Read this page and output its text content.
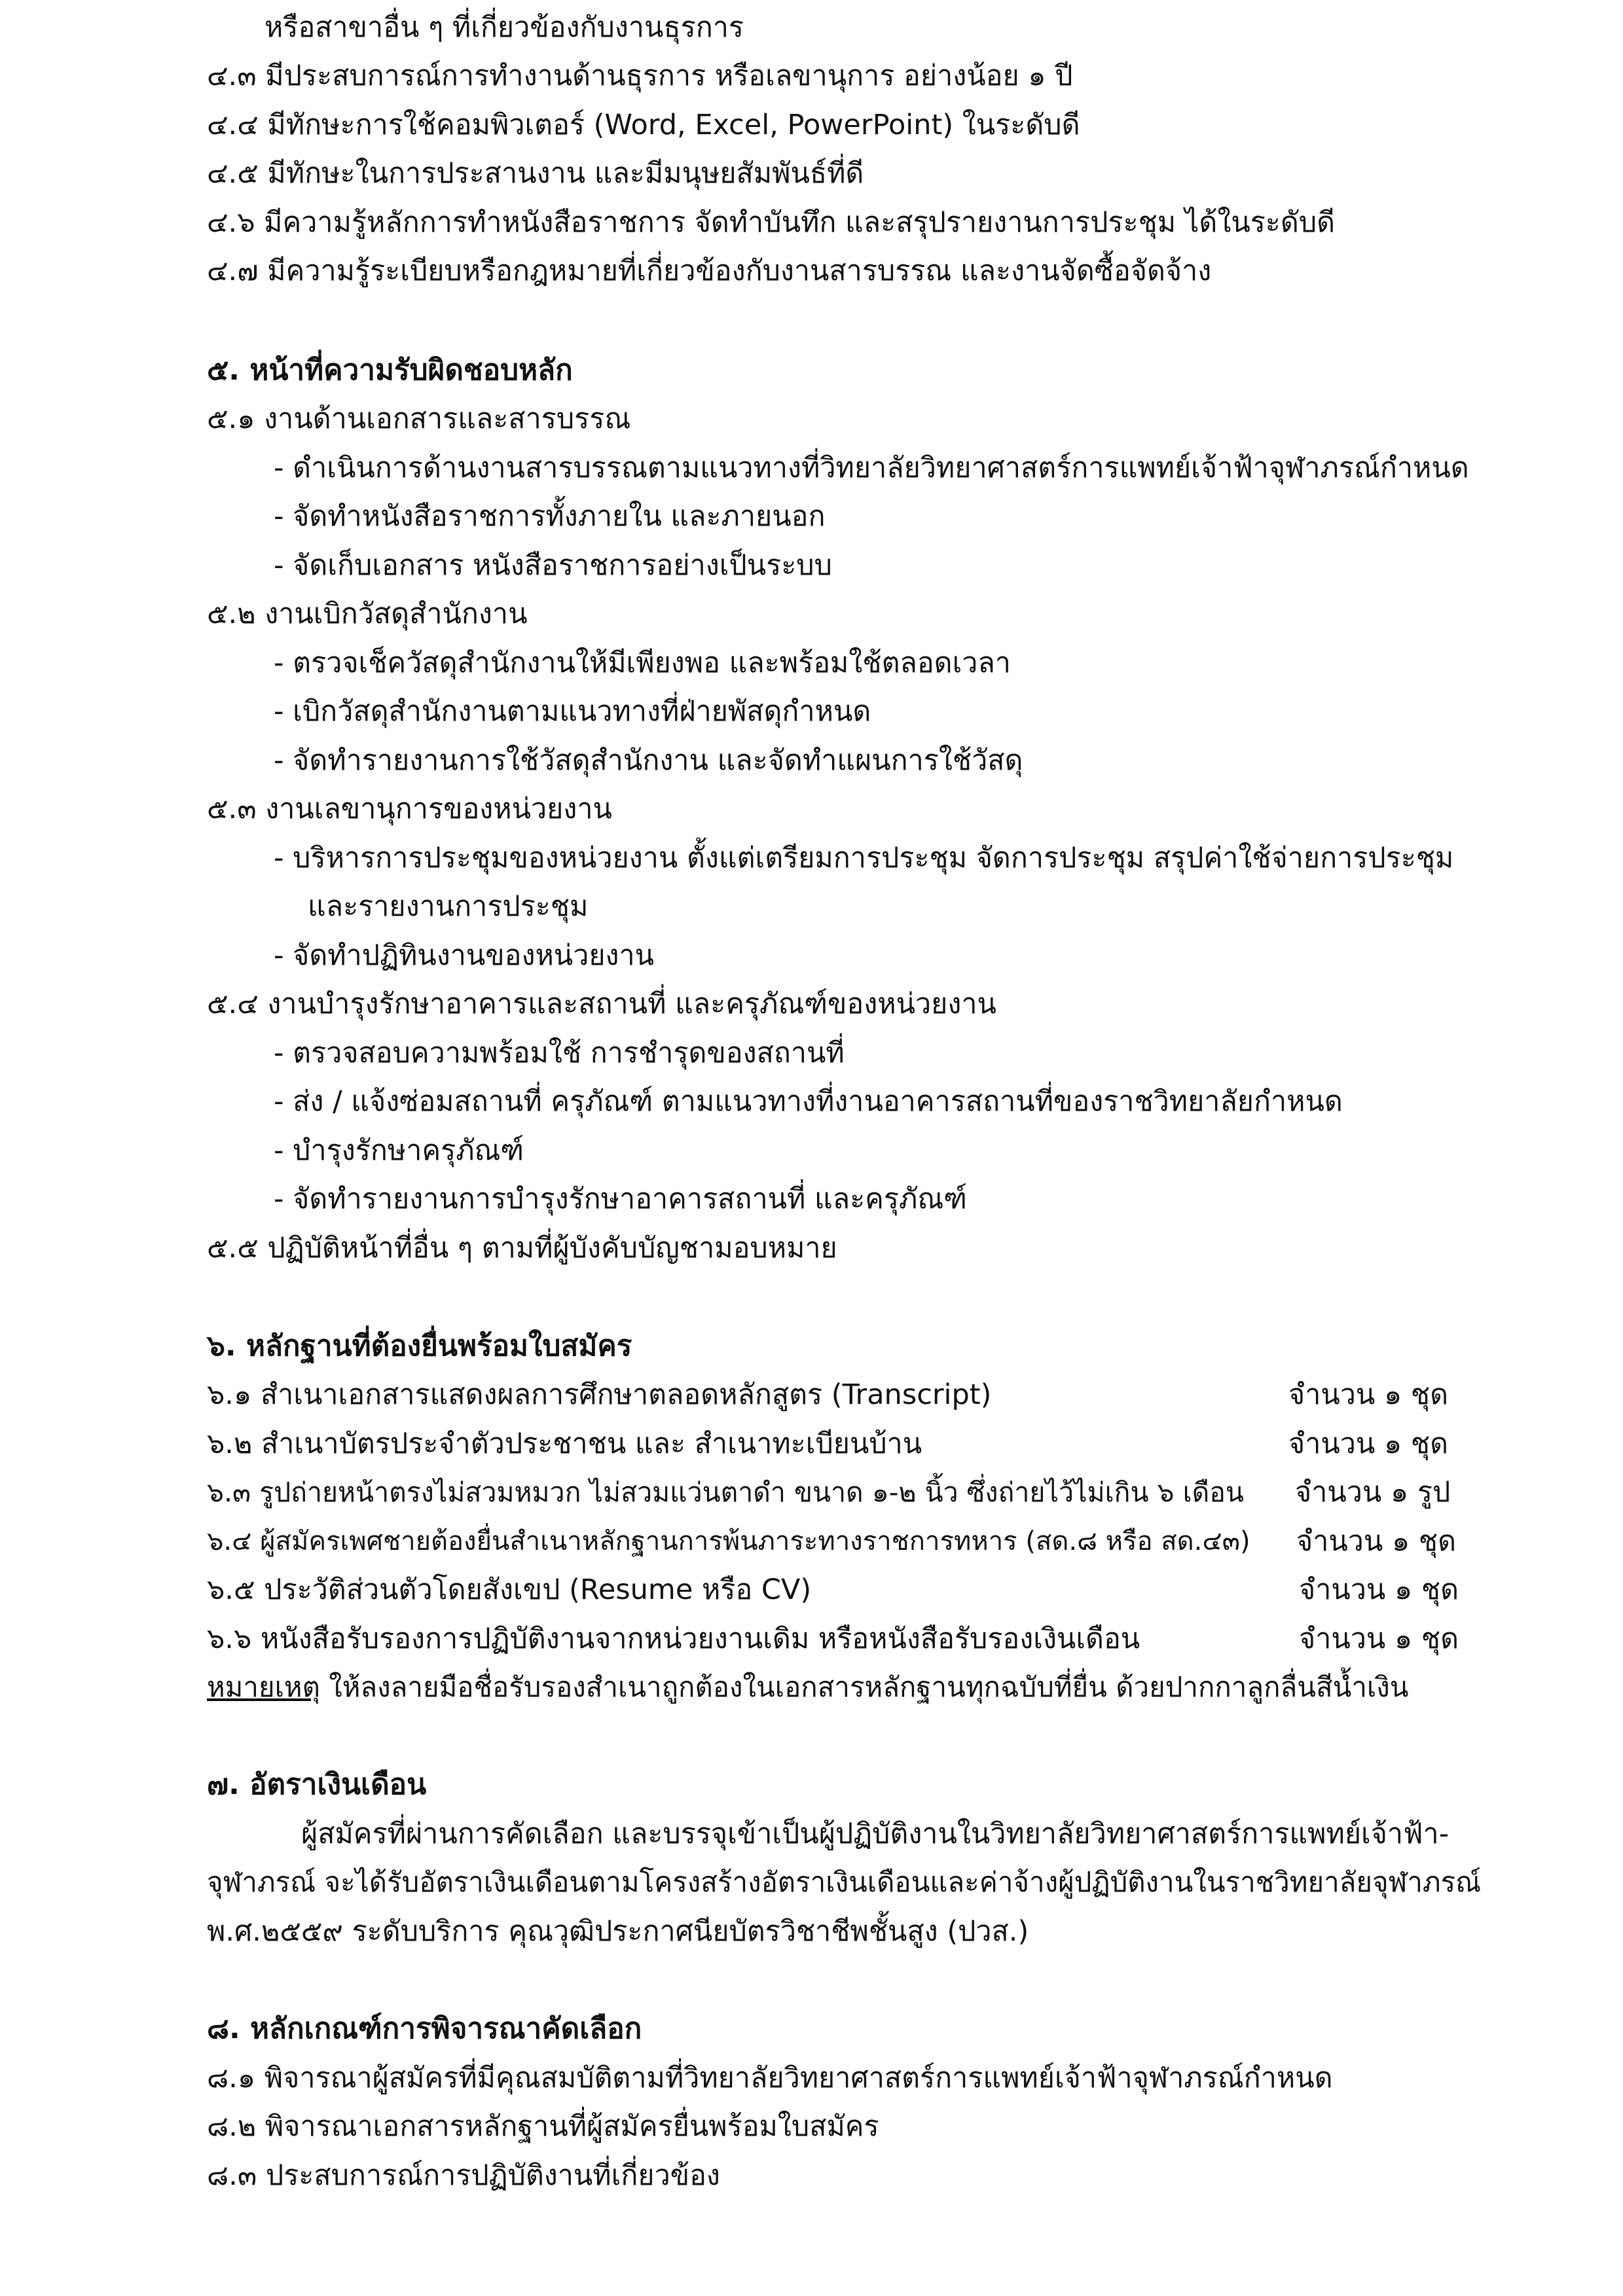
หรือสาขาอื่น ๆ ที่เกี่ยวข้องกับงานธุรการ
๔.๓ มีประสบการณ์การทำงานด้านธุรการ หรือเลขานุการ อย่างน้อย ๑ ปี
๔.๔ มีทักษะการใช้คอมพิวเตอร์ (Word, Excel, PowerPoint) ในระดับดี
๔.๕ มีทักษะในการประสานงาน และมีมนุษยสัมพันธ์ที่ดี
๔.๖ มีความรู้หลักการทำหนังสือราชการ จัดทำบันทึก และสรุปรายงานการประชุม ได้ในระดับดี
๔.๗ มีความรู้ระเบียบหรือกฎหมายที่เกี่ยวข้องกับงานสารบรรณ และงานจัดซื้อจัดจ้าง
๕. หน้าที่ความรับผิดชอบหลัก
๕.๑ งานด้านเอกสารและสารบรรณ
- ดำเนินการด้านงานสารบรรณตามแนวทางที่วิทยาลัยวิทยาศาสตร์การแพทย์เจ้าฟ้าจุฬาภรณ์กำหนด
- จัดทำหนังสือราชการทั้งภายใน และภายนอก
- จัดเก็บเอกสาร หนังสือราชการอย่างเป็นระบบ
๕.๒ งานเบิกวัสดุสำนักงาน
- ตรวจเช็ควัสดุสำนักงานให้มีเพียงพอ และพร้อมใช้ตลอดเวลา
- เบิกวัสดุสำนักงานตามแนวทางที่ฝ่ายพัสดุกำหนด
- จัดทำรายงานการใช้วัสดุสำนักงาน และจัดทำแผนการใช้วัสดุ
๕.๓ งานเลขานุการของหน่วยงาน
- บริหารการประชุมของหน่วยงาน ตั้งแต่เตรียมการประชุม จัดการประชุม สรุปค่าใช้จ่ายการประชุม
และรายงานการประชุม
- จัดทำปฏิทินงานของหน่วยงาน
๕.๔ งานบำรุงรักษาอาคารและสถานที่ และครุภัณฑ์ของหน่วยงาน
- ตรวจสอบความพร้อมใช้ การชำรุดของสถานที่
- ส่ง / แจ้งซ่อมสถานที่ ครุภัณฑ์ ตามแนวทางที่งานอาคารสถานที่ของราชวิทยาลัยกำหนด
- บำรุงรักษาครุภัณฑ์
- จัดทำรายงานการบำรุงรักษาอาคารสถานที่ และครุภัณฑ์
๕.๕ ปฏิบัติหน้าที่อื่น ๆ ตามที่ผู้บังคับบัญชามอบหมาย
๖. หลักฐานที่ต้องยื่นพร้อมใบสมัคร
๖.๑ สำเนาเอกสารแสดงผลการศึกษาตลอดหลักสูตร (Transcript)	จำนวน ๑ ชุด
๖.๒ สำเนาบัตรประจำตัวประชาชน และ สำเนาทะเบียนบ้าน	จำนวน ๑ ชุด
๖.๓ รูปถ่ายหน้าตรงไม่สวมหมวก ไม่สวมแว่นตาดำ ขนาด ๑-๒ นิ้ว ซึ่งถ่ายไว้ไม่เกิน ๖ เดือน จำนวน ๑ รูป
๖.๔ ผู้สมัครเพศชายต้องยื่นสำเนาหลักฐานการพ้นภาระทางราชการทหาร (สด.๘ หรือ สด.๔๓) จำนวน ๑ ชุด
๖.๕ ประวัติส่วนตัวโดยสังเขป (Resume หรือ CV)	จำนวน ๑ ชุด
๖.๖ หนังสือรับรองการปฏิบัติงานจากหน่วยงานเดิม หรือหนังสือรับรองเงินเดือน	จำนวน ๑ ชุด
หมายเหตุ ให้ลงลายมือชื่อรับรองสำเนาถูกต้องในเอกสารหลักฐานทุกฉบับที่ยื่น ด้วยปากกาลูกลื่นสีน้ำเงิน
๗. อัตราเงินเดือน
ผู้สมัครที่ผ่านการคัดเลือก และบรรจุเข้าเป็นผู้ปฏิบัติงานในวิทยาลัยวิทยาศาสตร์การแพทย์เจ้าฟ้า-
จุฬาภรณ์ จะได้รับอัตราเงินเดือนตามโครงสร้างอัตราเงินเดือนและค่าจ้างผู้ปฏิบัติงานในราชวิทยาลัยจุฬาภรณ์
พ.ศ.๒๕๕๙ ระดับบริการ คุณวุฒิประกาศนียบัตรวิชาชีพชั้นสูง (ปวส.)
๘. หลักเกณฑ์การพิจารณาคัดเลือก
๘.๑ พิจารณาผู้สมัครที่มีคุณสมบัติตามที่วิทยาลัยวิทยาศาสตร์การแพทย์เจ้าฟ้าจุฬาภรณ์กำหนด
๘.๒ พิจารณาเอกสารหลักฐานที่ผู้สมัครยื่นพร้อมใบสมัคร
๘.๓ ประสบการณ์การปฏิบัติงานที่เกี่ยวข้อง
